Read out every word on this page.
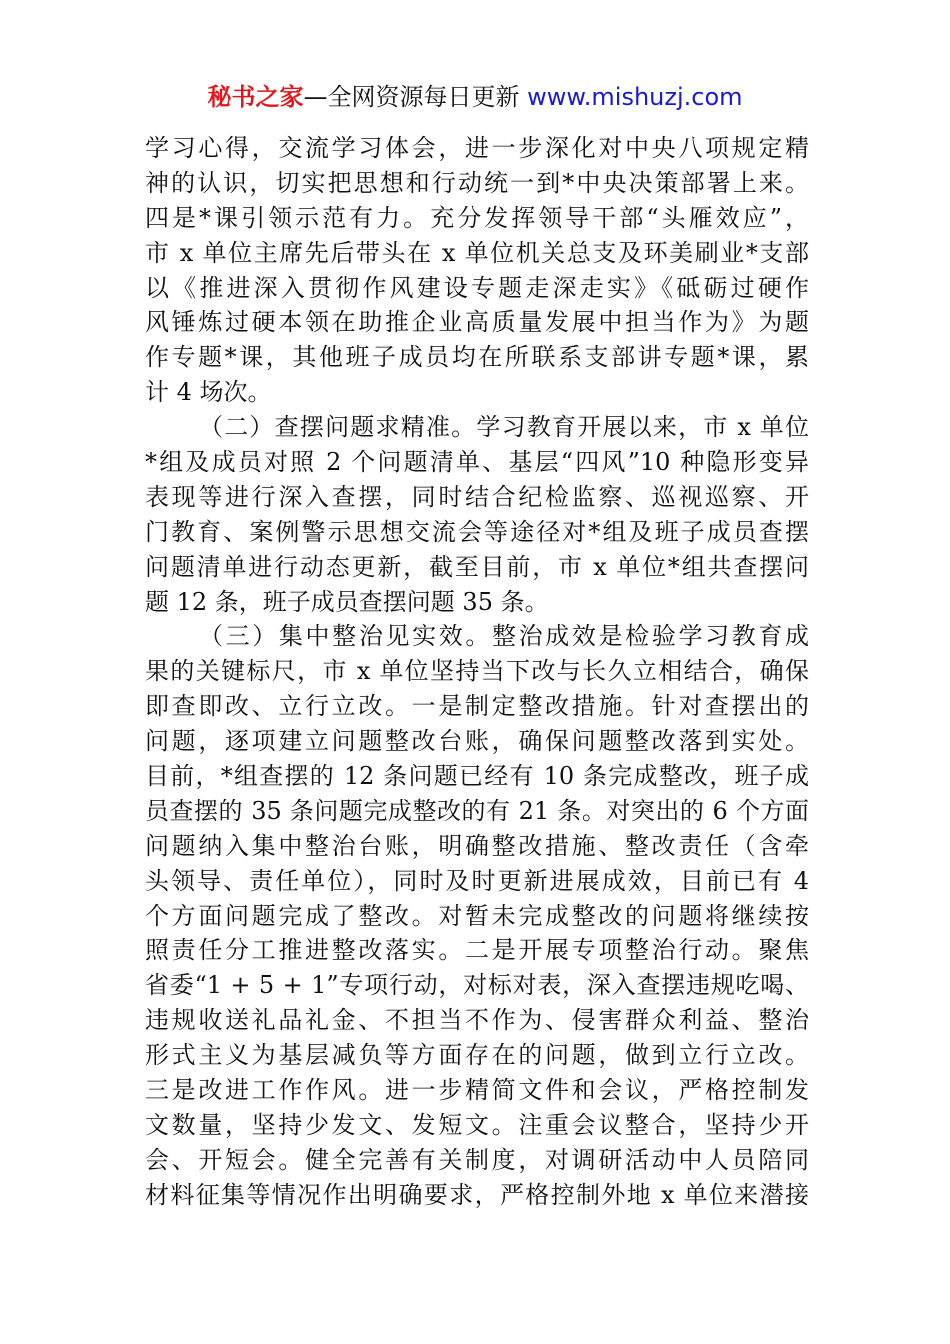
秘书之家—全网资源每日更新 www.mishuzj.com
学习心得，交流学习体会，进一步深化对中央八项规定精
神的认识，切实把思想和行动统一到*中央决策部署上来。
四是*课引领示范有力。充分发挥领导干部“头雁效应”，
市 x 单位主席先后带头在 x 单位机关总支及环美刷业*支部
以《推进深入贯彻作风建设专题走深走实》《砥砺过硬作
风锤炼过硬本领在助推企业高质量发展中担当作为》为题
作专题*课，其他班子成员均在所联系支部讲专题*课，累
计 4 场次。
（二）查摆问题求精准。学习教育开展以来，市 x 单位
*组及成员对照 2 个问题清单、基层“四风”10 种隐形变异
表现等进行深入查摆，同时结合纪检监察、巡视巡察、开
门教育、案例警示思想交流会等途径对*组及班子成员查摆
问题清单进行动态更新，截至目前，市 x 单位*组共查摆问
题 12 条，班子成员查摆问题 35 条。
（三）集中整治见实效。整治成效是检验学习教育成
果的关键标尺，市 x 单位坚持当下改与长久立相结合，确保
即查即改、立行立改。一是制定整改措施。针对查摆出的
问题，逐项建立问题整改台账，确保问题整改落到实处。
目前，*组查摆的 12 条问题已经有 10 条完成整改，班子成
员查摆的 35 条问题完成整改的有 21 条。对突出的 6 个方面
问题纳入集中整治台账，明确整改措施、整改责任（含牵
头领导、责任单位），同时及时更新进展成效，目前已有 4
个方面问题完成了整改。对暂未完成整改的问题将继续按
照责任分工推进整改落实。二是开展专项整治行动。聚焦
省委“1 + 5 + 1”专项行动，对标对表，深入查摆违规吃喝、
违规收送礼品礼金、不担当不作为、侵害群众利益、整治
形式主义为基层减负等方面存在的问题，做到立行立改。
三是改进工作作风。进一步精简文件和会议，严格控制发
文数量，坚持少发文、发短文。注重会议整合，坚持少开
会、开短会。健全完善有关制度，对调研活动中人员陪同
材料征集等情况作出明确要求，严格控制外地 x 单位来潜接
